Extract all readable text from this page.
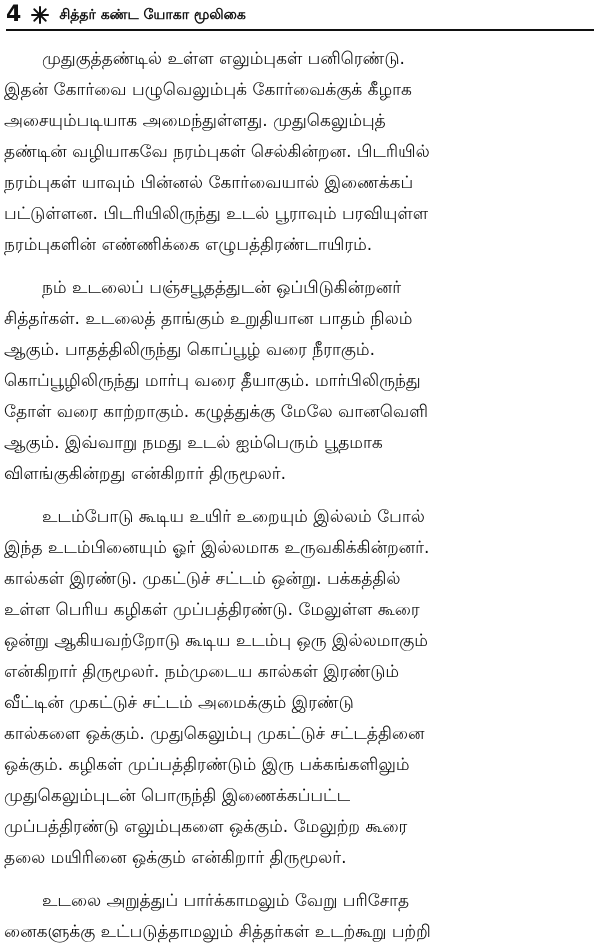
4	சித்தர் கண்ட யோகா மூலிகை

முதுகுத்தண்டில் உள்ள எலும்புகள் பனிரெண்டு.
இதன் கோர்வை பழுவெலும்புக் கோர்வைக்குக் கீழாக
அசையும்படியாக அமைந்துள்ளது. முதுகெலும்புத்
தண்டின் வழியாகவே நரம்புகள் செல்கின்றன. பிடரியில்
நரம்புகள் யாவும் பின்னல் கோர்வையால் இணைக்கப்
பட்டுள்ளன. பிடரியிலிருந்து உடல் பூராவும் பரவியுள்ள
நரம்புகளின் எண்ணிக்கை எழுபத்திரண்டாயிரம்.

நம் உடலைப் பஞ்சபூதத்துடன் ஒப்பிடுகின்றனர்
சித்தர்கள். உடலைத் தாங்கும் உறுதியான பாதம் நிலம்
ஆகும். பாதத்திலிருந்து கொப்பூழ் வரை நீராகும்.
கொப்பூழிலிருந்து மார்பு வரை தீயாகும். மார்பிலிருந்து
தோள் வரை காற்றாகும். கழுத்துக்கு மேலே வானவெளி
ஆகும். இவ்வாறு நமது உடல் ஐம்பெரும் பூதமாக
விளங்குகின்றது என்கிறார் திருமூலர்.

உடம்போடு கூடிய உயிர் உறையும் இல்லம் போல்
இந்த உடம்பினையும் ஓர் இல்லமாக உருவகிக்கின்றனர்.
கால்கள் இரண்டு. முகட்டுச் சட்டம் ஒன்று. பக்கத்தில்
உள்ள பெரிய கழிகள் முப்பத்திரண்டு. மேலுள்ள கூரை
ஒன்று ஆகியவற்றோடு கூடிய உடம்பு ஒரு இல்லமாகும்
என்கிறார் திருமூலர். நம்முடைய கால்கள் இரண்டும்
வீட்டின் முகட்டுச் சட்டம் அமைக்கும் இரண்டு
கால்களை ஒக்கும். முதுகெலும்பு முகட்டுச் சட்டத்தினை
ஒக்கும். கழிகள் முப்பத்திரண்டும் இரு பக்கங்களிலும்
முதுகெலும்புடன் பொருந்தி இணைக்கப்பட்ட
முப்பத்திரண்டு எலும்புகளை ஒக்கும். மேலுற்ற கூரை
தலை மயிரினை ஒக்கும் என்கிறார் திருமூலர்.

உடலை அறுத்துப் பார்க்காமலும் வேறு பரிசோத
னைகளுக்கு உட்படுத்தாமலும் சித்தர்கள் உடற்கூறு பற்றி
